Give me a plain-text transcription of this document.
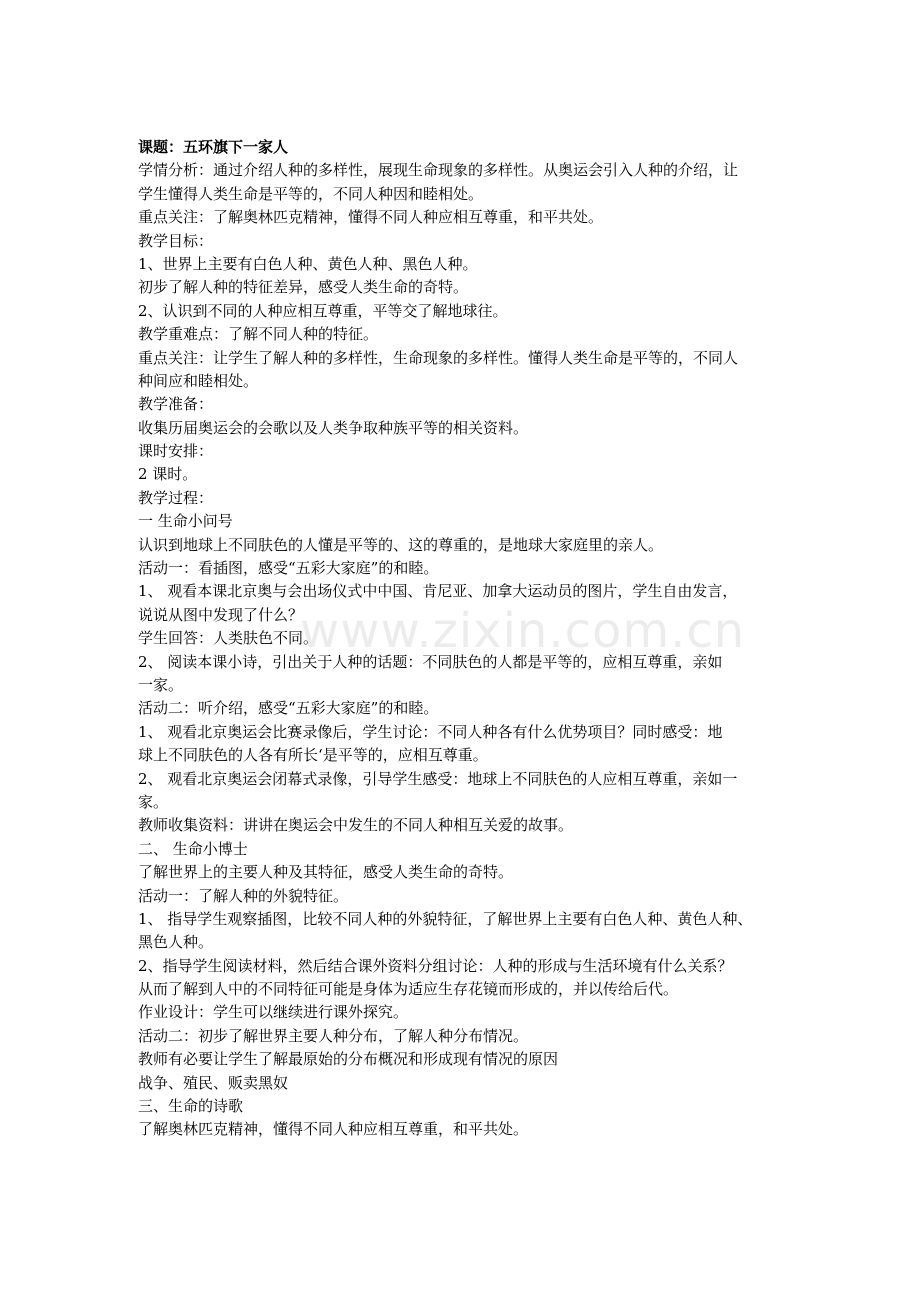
www.zixin.com.cn
课题：五环旗下一家人
学情分析：通过介绍人种的多样性，展现生命现象的多样性。从奥运会引入人种的介绍，让
学生懂得人类生命是平等的，不同人种因和睦相处。
重点关注：了解奥林匹克精神，懂得不同人种应相互尊重，和平共处。
教学目标：
1、世界上主要有白色人种、黄色人种、黑色人种。
初步了解人种的特征差异，感受人类生命的奇特。
2、认识到不同的人种应相互尊重，平等交了解地球往。
教学重难点：了解不同人种的特征。
重点关注：让学生了解人种的多样性，生命现象的多样性。懂得人类生命是平等的，不同人
种间应和睦相处。
教学准备：
收集历届奥运会的会歌以及人类争取种族平等的相关资料。
课时安排：
2 课时。
教学过程：
一 生命小问号
认识到地球上不同肤色的人懂是平等的、这的尊重的，是地球大家庭里的亲人。
活动一：看插图，感受“五彩大家庭”的和睦。
1、 观看本课北京奥与会出场仪式中中国、肯尼亚、加拿大运动员的图片，学生自由发言，
说说从图中发现了什么？
学生回答：人类肤色不同。
2、 阅读本课小诗，引出关于人种的话题：不同肤色的人都是平等的，应相互尊重，亲如
一家。
活动二：听介绍，感受“五彩大家庭”的和睦。
1、 观看北京奥运会比赛录像后，学生讨论：不同人种各有什么优势项目？同时感受：地
球上不同肤色的人各有所长‘是平等的，应相互尊重。
2、 观看北京奥运会闭幕式录像，引导学生感受：地球上不同肤色的人应相互尊重，亲如一
家。
教师收集资料：讲讲在奥运会中发生的不同人种相互关爱的故事。
二、 生命小博士
了解世界上的主要人种及其特征，感受人类生命的奇特。
活动一：了解人种的外貌特征。
1、 指导学生观察插图，比较不同人种的外貌特征，了解世界上主要有白色人种、黄色人种、
黑色人种。
2、指导学生阅读材料，然后结合课外资料分组讨论：人种的形成与生活环境有什么关系？
从而了解到人中的不同特征可能是身体为适应生存花镜而形成的，并以传给后代。
作业设计：学生可以继续进行课外探究。
活动二：初步了解世界主要人种分布，了解人种分布情况。
教师有必要让学生了解最原始的分布概况和形成现有情况的原因
战争、殖民、贩卖黑奴
三、生命的诗歌
了解奥林匹克精神，懂得不同人种应相互尊重，和平共处。
